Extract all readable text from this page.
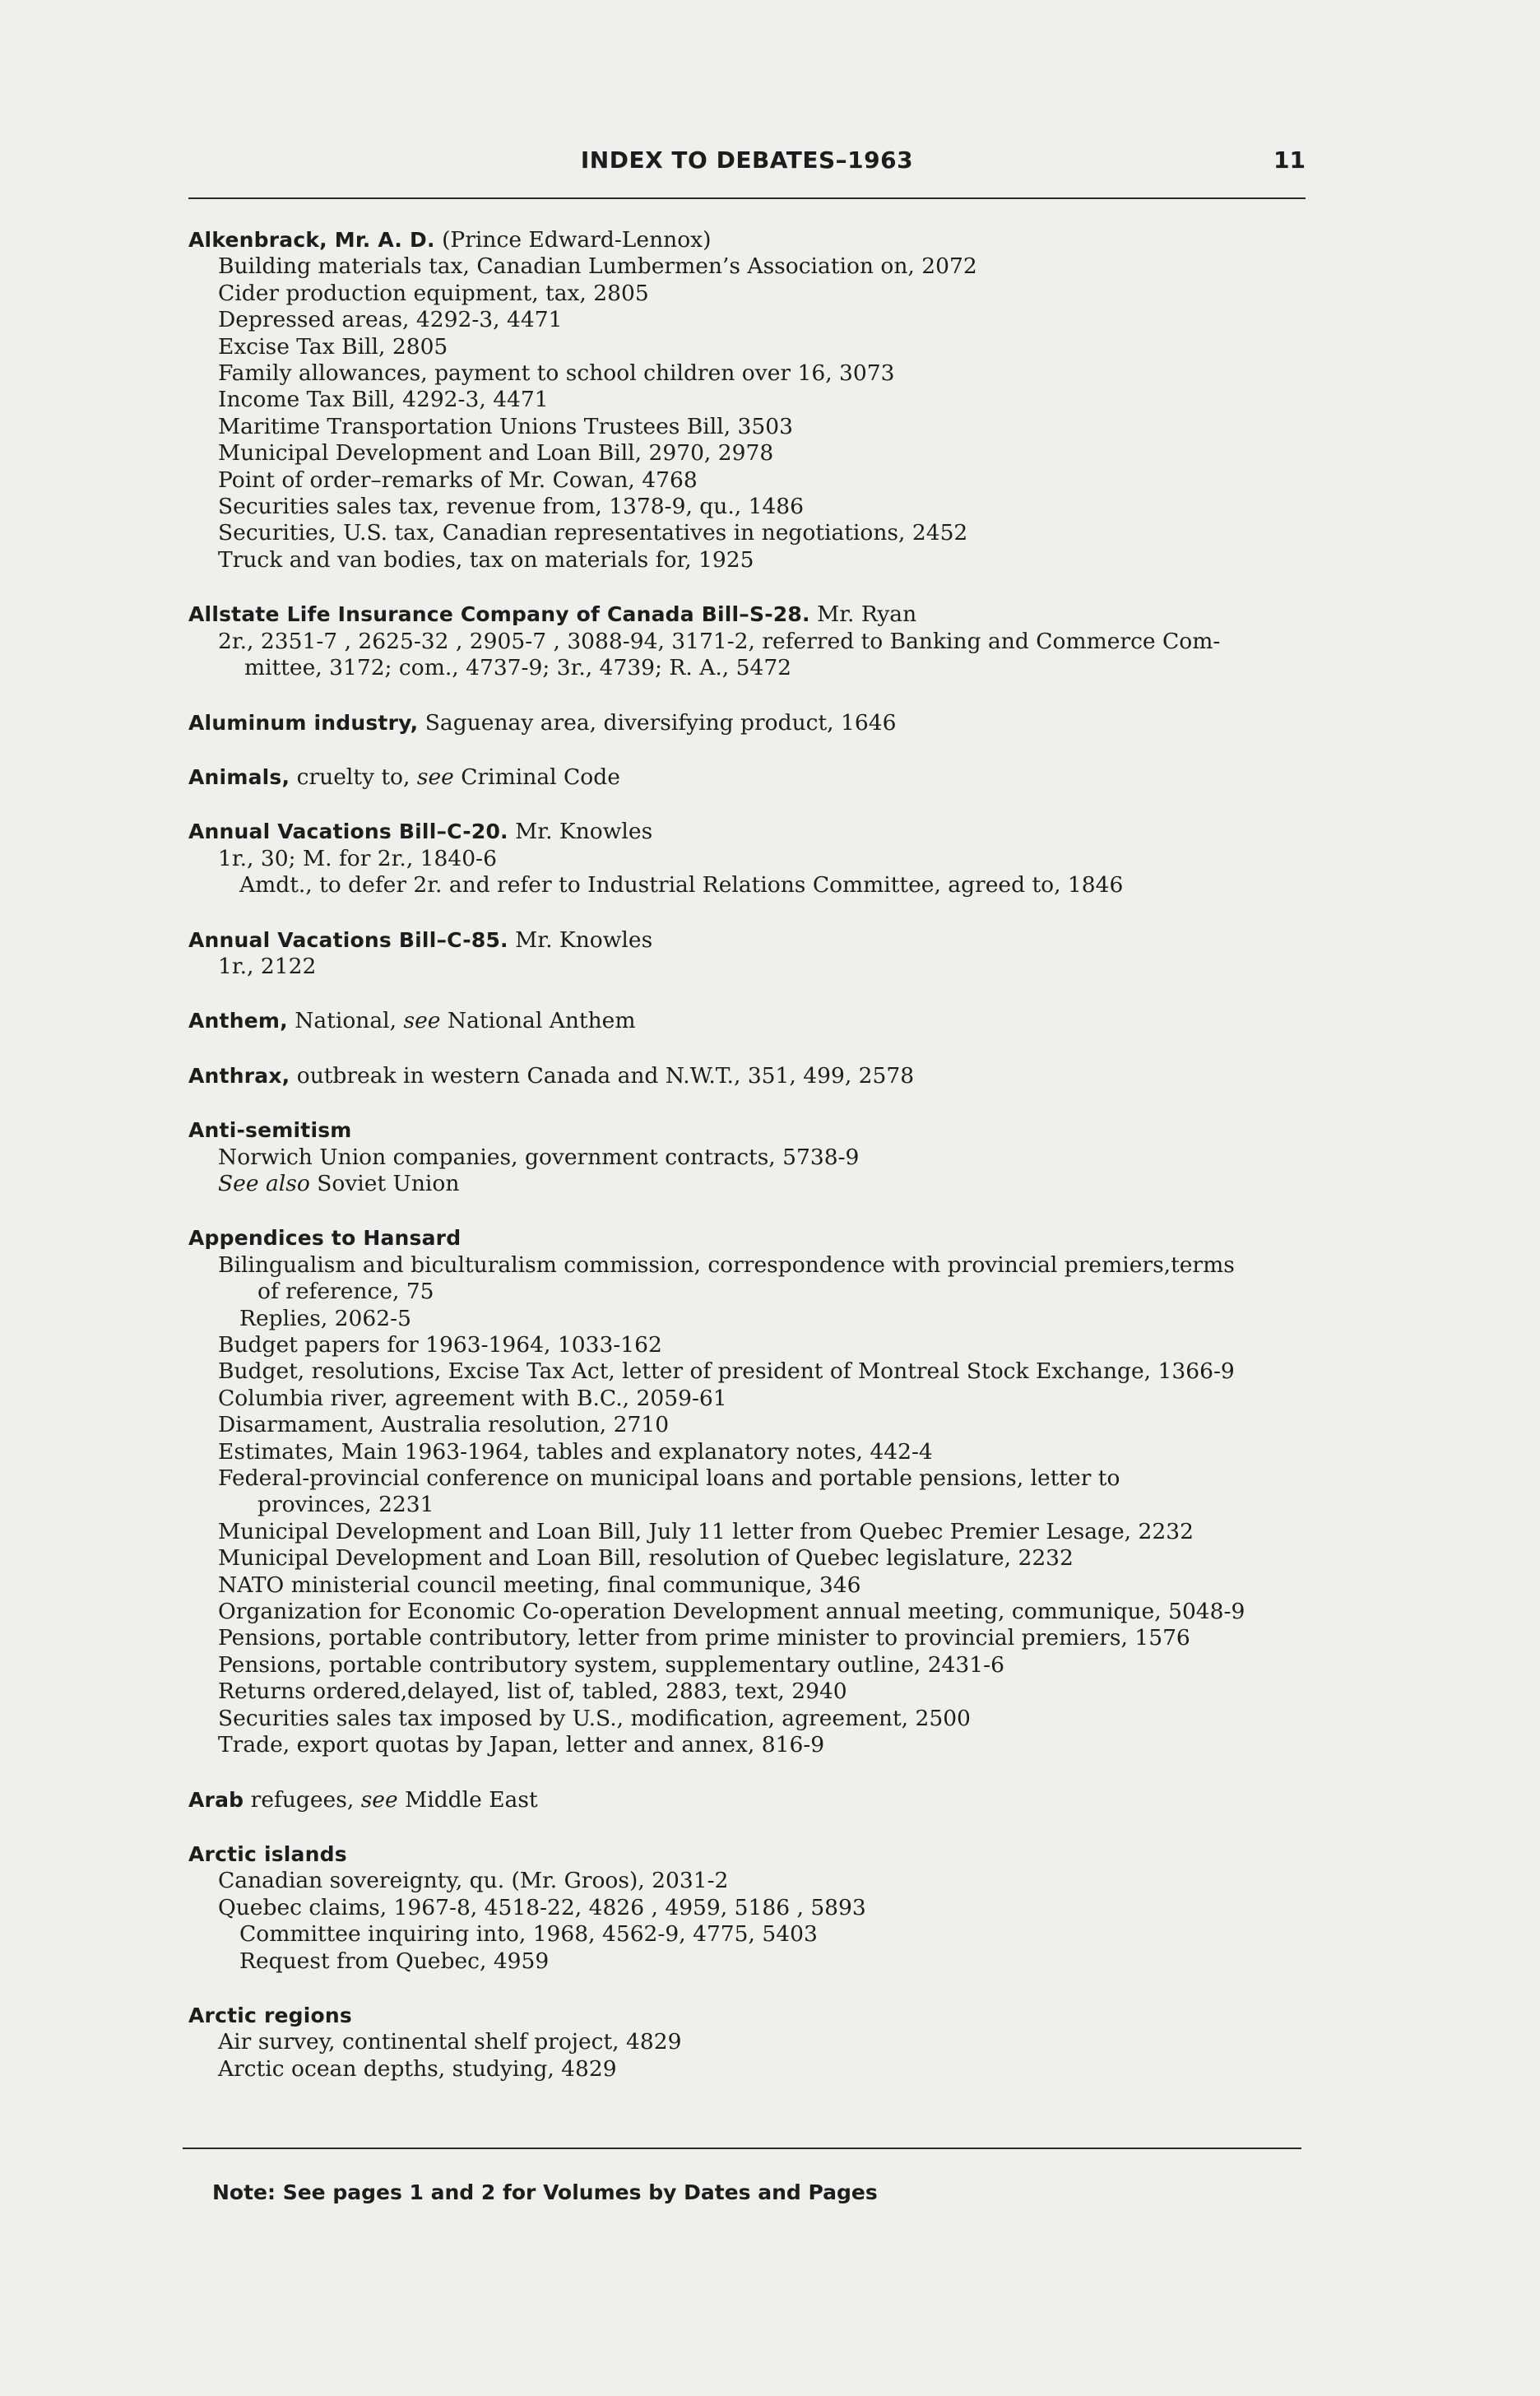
INDEX TO DEBATES–1963	11
Alkenbrack, Mr. A. D. (Prince Edward-Lennox)
Building materials tax, Canadian Lumbermen’s Association on, 2072
Cider production equipment, tax, 2805
Depressed areas, 4292-3, 4471
Excise Tax Bill, 2805
Family allowances, payment to school children over 16, 3073
Income Tax Bill, 4292-3, 4471
Maritime Transportation Unions Trustees Bill, 3503
Municipal Development and Loan Bill, 2970, 2978
Point of order–remarks of Mr. Cowan, 4768
Securities sales tax, revenue from, 1378-9, qu., 1486
Securities, U.S. tax, Canadian representatives in negotiations, 2452
Truck and van bodies, tax on materials for, 1925
Allstate Life Insurance Company of Canada Bill–S-28. Mr. Ryan
2r., 2351-7 , 2625-32 , 2905-7 , 3088-94, 3171-2, referred to Banking and Commerce Com-
mittee, 3172; com., 4737-9; 3r., 4739; R. A., 5472
Aluminum industry, Saguenay area, diversifying product, 1646
Animals, cruelty to, see Criminal Code
Annual Vacations Bill–C-20. Mr. Knowles
1r., 30; M. for 2r., 1840-6
Amdt., to defer 2r. and refer to Industrial Relations Committee, agreed to, 1846
Annual Vacations Bill–C-85. Mr. Knowles
1r., 2122
Anthem, National, see National Anthem
Anthrax, outbreak in western Canada and N.W.T., 351, 499, 2578
Anti-semitism
Norwich Union companies, government contracts, 5738-9
See also Soviet Union
Appendices to Hansard
Bilingualism and biculturalism commission, correspondence with provincial premiers,terms
of reference, 75
Replies, 2062-5
Budget papers for 1963-1964, 1033-162
Budget, resolutions, Excise Tax Act, letter of president of Montreal Stock Exchange, 1366-9
Columbia river, agreement with B.C., 2059-61
Disarmament, Australia resolution, 2710
Estimates, Main 1963-1964, tables and explanatory notes, 442-4
Federal-provincial conference on municipal loans and portable pensions, letter to
provinces, 2231
Municipal Development and Loan Bill, July 11 letter from Quebec Premier Lesage, 2232
Municipal Development and Loan Bill, resolution of Quebec legislature, 2232
NATO ministerial council meeting, final communique, 346
Organization for Economic Co-operation Development annual meeting, communique, 5048-9
Pensions, portable contributory, letter from prime minister to provincial premiers, 1576
Pensions, portable contributory system, supplementary outline, 2431-6
Returns ordered,delayed, list of, tabled, 2883, text, 2940
Securities sales tax imposed by U.S., modification, agreement, 2500
Trade, export quotas by Japan, letter and annex, 816-9
Arab refugees, see Middle East
Arctic islands
Canadian sovereignty, qu. (Mr. Groos), 2031-2
Quebec claims, 1967-8, 4518-22, 4826 , 4959, 5186 , 5893
Committee inquiring into, 1968, 4562-9, 4775, 5403
Request from Quebec, 4959
Arctic regions
Air survey, continental shelf project, 4829
Arctic ocean depths, studying, 4829
Note: See pages 1 and 2 for Volumes by Dates and Pages
